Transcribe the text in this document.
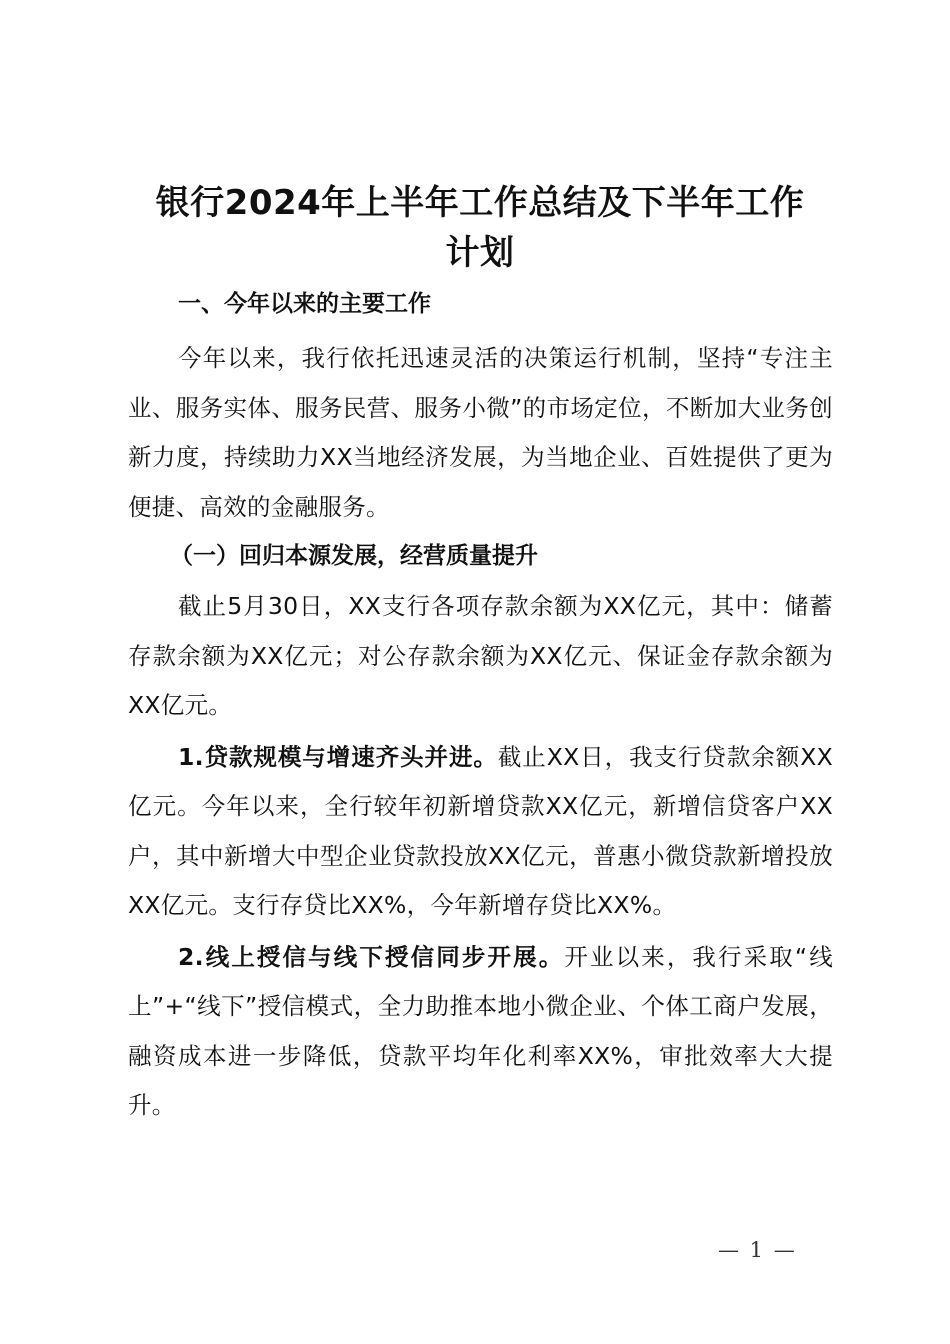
银行2024年上半年工作总结及下半年工作
计划

一、今年以来的主要工作

今年以来，我行依托迅速灵活的决策运行机制，坚持“专注主业、服务实体、服务民营、服务小微”的市场定位，不断加大业务创新力度，持续助力XX当地经济发展，为当地企业、百姓提供了更为便捷、高效的金融服务。

（一）回归本源发展，经营质量提升

截止5月30日，XX支行各项存款余额为XX亿元，其中：储蓄存款余额为XX亿元；对公存款余额为XX亿元、保证金存款余额为XX亿元。

1.贷款规模与增速齐头并进。截止XX日，我支行贷款余额XX亿元。今年以来，全行较年初新增贷款XX亿元，新增信贷客户XX户，其中新增大中型企业贷款投放XX亿元，普惠小微贷款新增投放XX亿元。支行存贷比XX%，今年新增存贷比XX%。

2.线上授信与线下授信同步开展。开业以来，我行采取“线上”+“线下”授信模式，全力助推本地小微企业、个体工商户发展，融资成本进一步降低，贷款平均年化利率XX%，审批效率大大提升。

— 1 —
